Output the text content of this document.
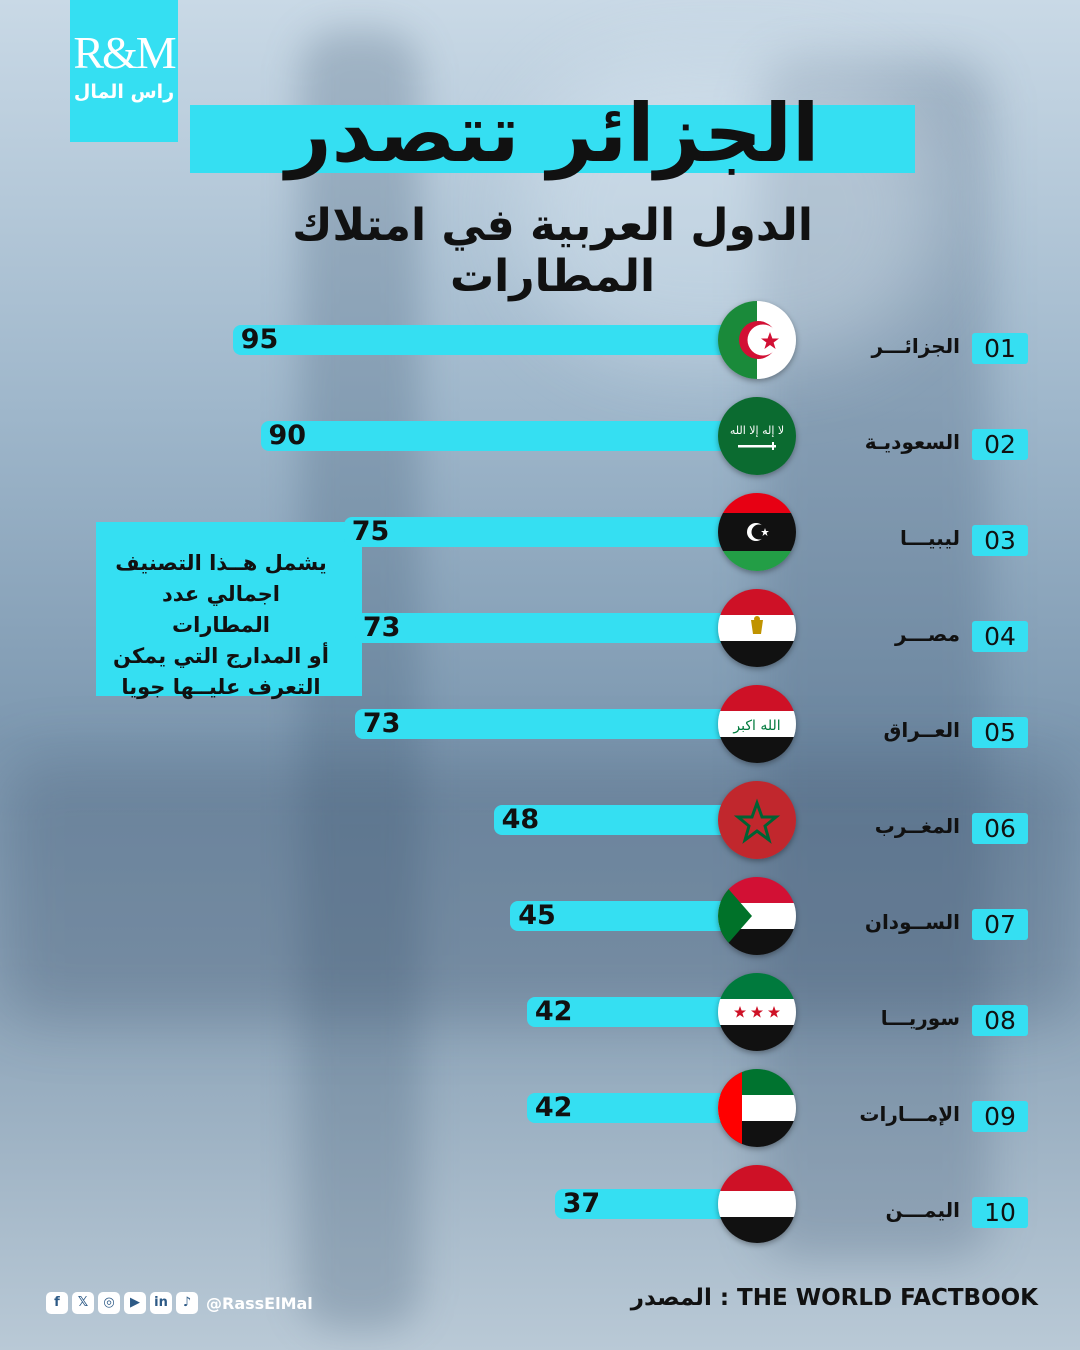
R&M
راس المال	الجزائر تتصدر
الدول العربية في امتلاك المطارات
يشمل هــذا التصنيف
اجمالي عدد المطارات
أو المدارج التي يمكن
التعرف عليــها جويا
95	الجزائـــر 01
90	لا إله إلا الله	السعوديـة 02
75	ليبيـــا 03
73	مصـــر 04
73	الله اكبر	العــراق 05
48	المغــرب 06
45	الســودان 07
42	سوريـــا 08
42	الإمـــارات 09
37	اليمـــن 10
المصدر : THE WORLD FACTBOOK
f	𝕏	◎	▶	in	♪ @RassElMal
